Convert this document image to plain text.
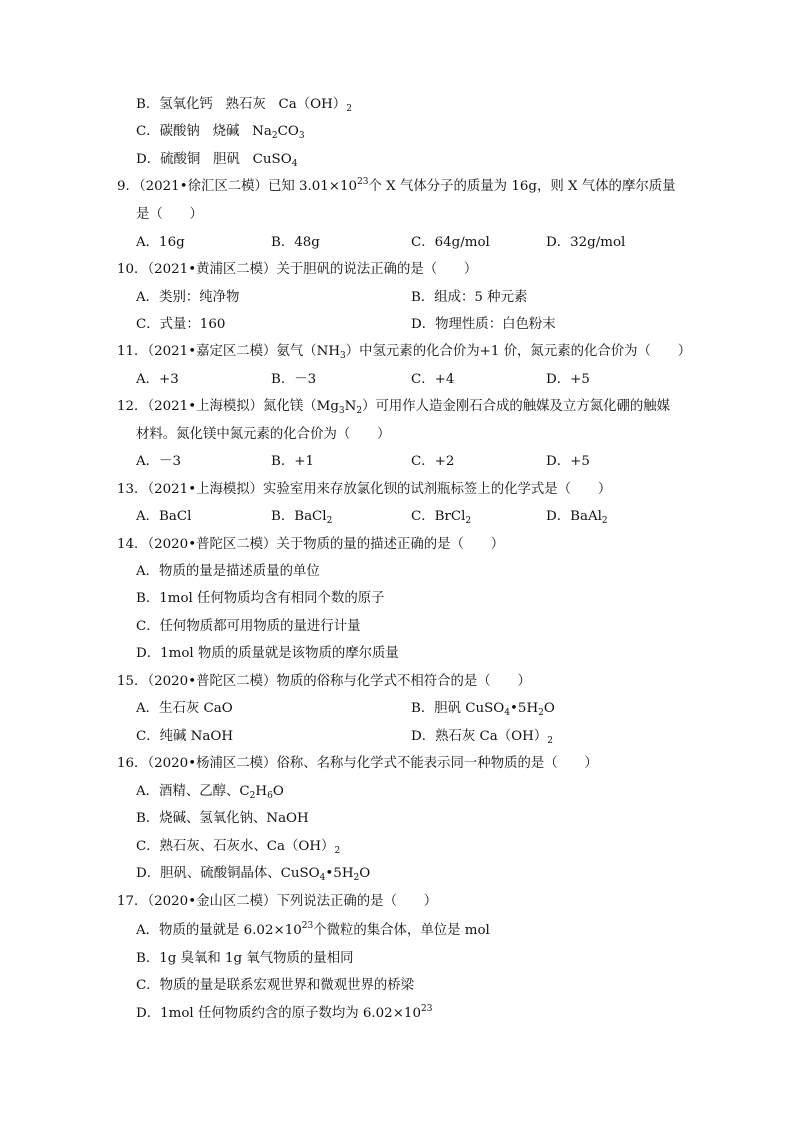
B．氢氧化钙 熟石灰 $Ca(OH)_2$
C．碳酸钠 烧碱 $Na_2CO_3$
D．硫酸铜 胆矾 CuSO$_4$
9．（2021•徐汇区二模）已知 $3.01\times 10^{23}$个 X 气体分子的质量为 16g，则 X 气体的摩尔质量
是（　　）
A．16g	B．48g	C．64g/mol	D．32g/mol
10．（2021•黄浦区二模）关于胆矾的说法正确的是（　　）
A．类别：纯净物	B．组成：5 种元素
C．式量：160	D．物理性质：白色粉末
11．（2021•嘉定区二模）氨气$(NH_3)$中氢元素的化合价为+1 价，氮元素的化合价为（　　）
A．+3	B．－3	C．+4	D．+5
12．（2021•上海模拟）氮化镁$(Mg_3N_2)$可用作人造金刚石合成的触媒及立方氮化硼的触媒
材料。氮化镁中氮元素的化合价为（　　）
A．－3	B．+1	C．+2	D．+5
13．（2021•上海模拟）实验室用来存放氯化钡的试剂瓶标签上的化学式是（　　）
A．BaCl	B．BaCl$_2$	C．BrCl$_2$	D．BaAl$_2$
14．（2020•普陀区二模）关于物质的量的描述正确的是（　　）
A．物质的量是描述质量的单位
B．1mol 任何物质均含有相同个数的原子
C．任何物质都可用物质的量进行计量
D．1mol 物质的质量就是该物质的摩尔质量
15．（2020•普陀区二模）物质的俗称与化学式不相符合的是（　　）
A．生石灰 CaO	B．胆矾 $CuSO_4•5H_2O$
C．纯碱 NaOH	D．熟石灰 $Ca(OH)_2$
16．（2020•杨浦区二模）俗称、名称与化学式不能表示同一种物质的是（　　）
A．酒精、乙醇、$C_2H_6O$
B．烧碱、氢氧化钠、NaOH
C．熟石灰、石灰水、$Ca(OH)_2$
D．胆矾、硫酸铜晶体、$CuSO_4•5H_2O$
17．（2020•金山区二模）下列说法正确的是（　　）
A．物质的量就是 $6.02\times 10^{23}$个微粒的集合体，单位是 mol
B．1g 臭氧和 1g 氧气物质的量相同
C．物质的量是联系宏观世界和微观世界的桥梁
D．1mol 任何物质约含的原子数均为 $6.02\times 10^{23}$
